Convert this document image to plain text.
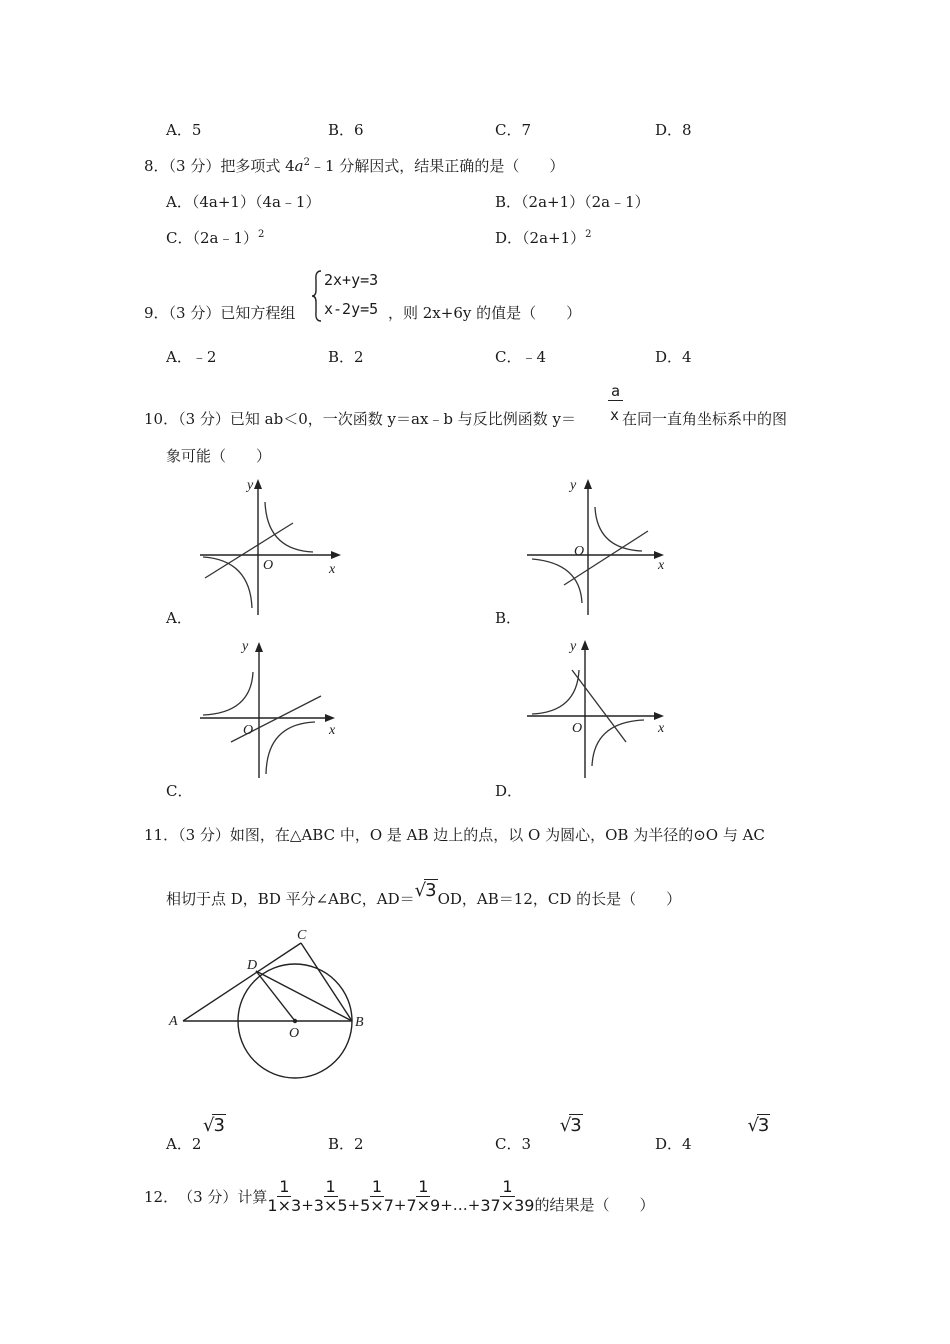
A．5	B．6	C．7	D．8
8．（3 分）把多项式 $4a^2﹣1$ 分解因式，结果正确的是（　　）
A．（4a+1）（4a﹣1）	B．（2a+1）（2a﹣1）
C．（2a﹣1）$^2$	D．$(2a+1)^2$
9．（3 分）已知方程组
2x+y=3
x-2y=5 ，则 2x+6y 的值是（　　）
A．﹣2	B．2	C．﹣4	D．4
10．（3 分）已知 ab＜0，一次函数 y＝ax﹣b 与反比例函数 y＝
a
x 在同一直角坐标系中的图
象可能（　　）
y
O	x
A．
y
O
x
B．
y
O	x
C．
y
O	x
D．
11．（3 分）如图，在△ABC 中，O 是 AB 边上的点，以 O 为圆心，OB 为半径的⊙O 与 AC
相切于点 D，BD 平分∠ABC，AD＝√3OD，AB＝12，CD 的长是（　　）
A	B
C
D
O
A．2
√3
B．2	C．3
√3
D．4
√3
12． （3 分） 计算 $\frac{1}{1\times 3} + \frac{1}{3\times 5} + \frac{1}{5\times 7} + \frac{1}{7\times 9}$ +…+ $\frac{1}{37\times 39}$ 的结果是（　　）
